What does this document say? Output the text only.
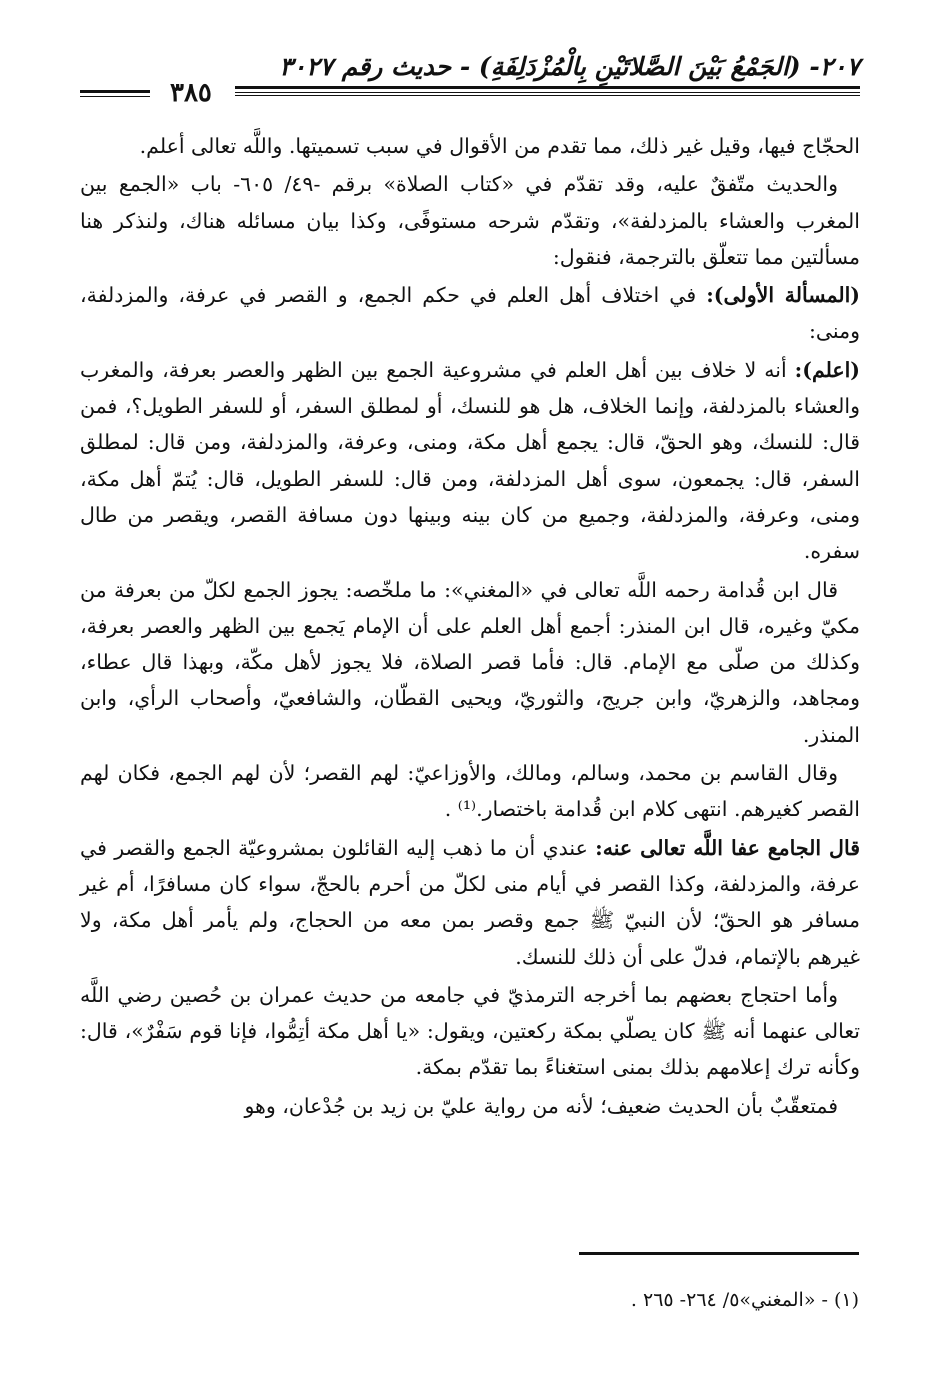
٢٠٧- (الجَمْعُ بَيْنَ الصَّلاتَيْنِ بِالْمُزْدَلِفَةِ) - حديث رقم ٣٠٢٧
٣٨٥

الحجّاج فيها، وقيل غير ذلك، مما تقدم من الأقوال في سبب تسميتها. واللَّه تعالى أعلم.

والحديث متّفقٌ عليه، وقد تقدّم في «كتاب الصلاة» برقم -٤٩/ ٦٠٥- باب «الجمع بين المغرب والعشاء بالمزدلفة»، وتقدّم شرحه مستوفًى، وكذا بيان مسائله هناك، ولنذكر هنا مسألتين مما تتعلّق بالترجمة، فنقول:

(المسألة الأولى): في اختلاف أهل العلم في حكم الجمع، و القصر في عرفة، والمزدلفة، ومنى:

(اعلم): أنه لا خلاف بين أهل العلم في مشروعية الجمع بين الظهر والعصر بعرفة، والمغرب والعشاء بالمزدلفة، وإنما الخلاف، هل هو للنسك، أو لمطلق السفر، أو للسفر الطويل؟، فمن قال: للنسك، وهو الحقّ، قال: يجمع أهل مكة، ومنى، وعرفة، والمزدلفة، ومن قال: لمطلق السفر، قال: يجمعون، سوى أهل المزدلفة، ومن قال: للسفر الطويل، قال: يُتمّ أهل مكة، ومنى، وعرفة، والمزدلفة، وجميع من كان بينه وبينها دون مسافة القصر، ويقصر من طال سفره.

قال ابن قُدامة رحمه اللَّه تعالى في «المغني»: ما ملخّصه: يجوز الجمع لكلّ من بعرفة من مكيّ وغيره، قال ابن المنذر: أجمع أهل العلم على أن الإمام يَجمع بين الظهر والعصر بعرفة، وكذلك من صلّى مع الإمام. قال: فأما قصر الصلاة، فلا يجوز لأهل مكّة، وبهذا قال عطاء، ومجاهد، والزهريّ، وابن جريج، والثوريّ، ويحيى القطّان، والشافعيّ، وأصحاب الرأي، وابن المنذر.

وقال القاسم بن محمد، وسالم، ومالك، والأوزاعيّ: لهم القصر؛ لأن لهم الجمع، فكان لهم القصر كغيرهم. انتهى كلام ابن قُدامة باختصار.⁽¹⁾ .

قال الجامع عفا اللَّه تعالى عنه: عندي أن ما ذهب إليه القائلون بمشروعيّة الجمع والقصر في عرفة، والمزدلفة، وكذا القصر في أيام منى لكلّ من أحرم بالحجّ، سواء كان مسافرًا، أم غير مسافر هو الحقّ؛ لأن النبيّ ﷺ جمع وقصر بمن معه من الحجاج، ولم يأمر أهل مكة، ولا غيرهم بالإتمام، فدلّ على أن ذلك للنسك.

وأما احتجاج بعضهم بما أخرجه الترمذيّ في جامعه من حديث عمران بن حُصين رضي اللَّه تعالى عنهما أنه ﷺ كان يصلّي بمكة ركعتين، ويقول: «يا أهل مكة أتِمُّوا، فإنا قوم سَفْرٌ»، قال: وكأنه ترك إعلامهم بذلك بمنى استغناءً بما تقدّم بمكة.

فمتعقّبٌ بأن الحديث ضعيف؛ لأنه من رواية عليّ بن زيد بن جُدْعان، وهو

(١) - «المغني»٥/ ٢٦٤- ٢٦٥ .
